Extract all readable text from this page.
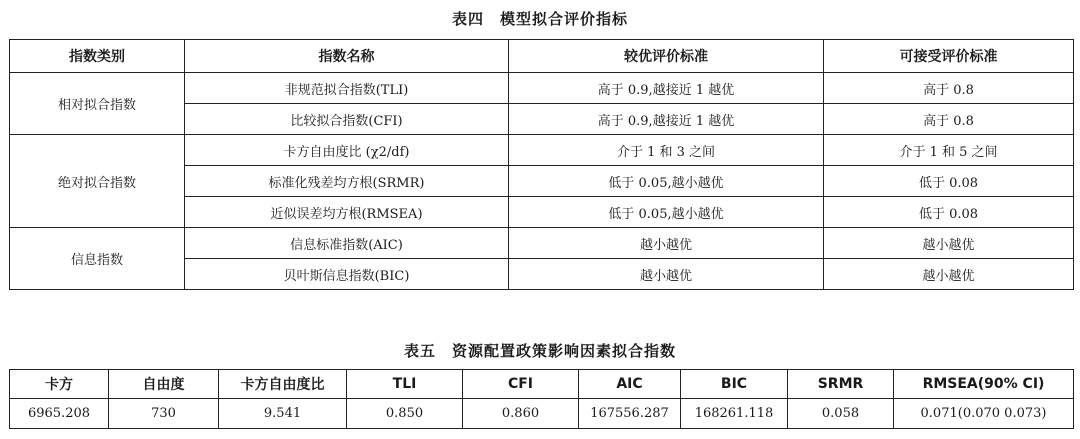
表四　模型拟合评价指标
指数类别	指数名称	较优评价标准	可接受评价标准
相对拟合指数	非规范拟合指数(TLI)	高于 0.9,越接近 1 越优	高于 0.8
	比较拟合指数(CFI)	高于 0.9,越接近 1 越优	高于 0.8
绝对拟合指数	卡方自由度比 (χ2/df)	介于 1 和 3 之间	介于 1 和 5 之间
	标准化残差均方根(SRMR)	低于 0.05,越小越优	低于 0.08
	近似误差均方根(RMSEA)	低于 0.05,越小越优	低于 0.08
信息指数	信息标准指数(AIC)	越小越优	越小越优
	贝叶斯信息指数(BIC)	越小越优	越小越优
表五　资源配置政策影响因素拟合指数
卡方	自由度	卡方自由度比	TLI	CFI	AIC	BIC	SRMR	RMSEA(90% CI)
6965.208	730	9.541	0.850	0.860	167556.287	168261.118	0.058	0.071(0.070 0.073)
